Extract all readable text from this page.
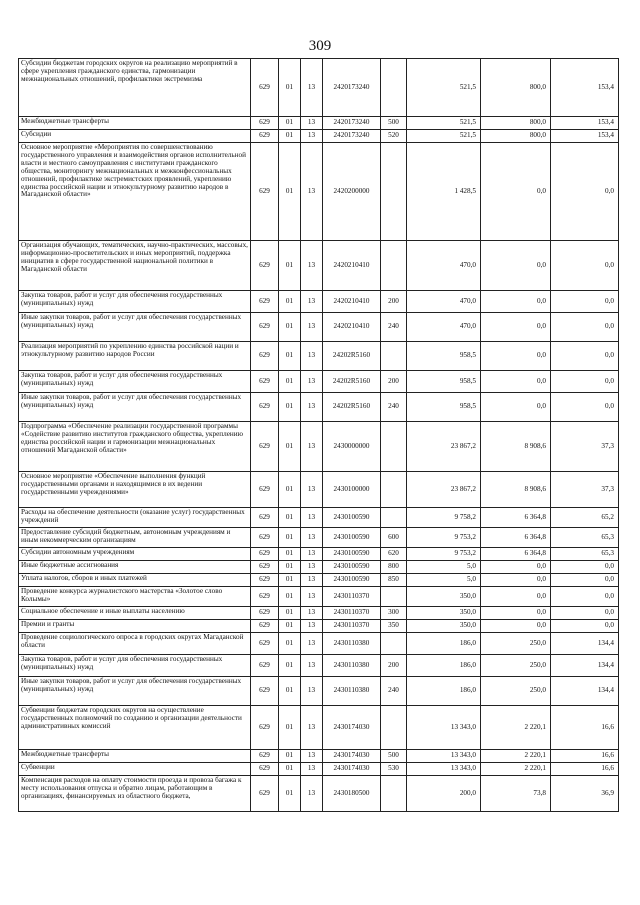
309
Субсидии бюджетам городских округов на реализацию мероприятий в сфере укрепления гражданского единства, гармонизации межнациональных отношений, профилактики экстремизма	629	01	13	2420173240		521,5	800,0	153,4
Межбюджетные трансферты	629	01	13	2420173240	500	521,5	800,0	153,4
Субсидии	629	01	13	2420173240	520	521,5	800,0	153,4
Основное мероприятие «Мероприятия по совершенствованию государственного управления и взаимодействия органов исполнительной власти и местного самоуправления с институтами гражданского общества, мониторингу межнациональных и межконфессиональных отношений, профилактике экстремистских проявлений, укреплению единства российской нации и этнокультурному развитию народов в Магаданской области»	629	01	13	2420200000		1 428,5	0,0	0,0
Организация обучающих, тематических, научно-практических, массовых, информационно-просветительских и иных мероприятий, поддержка инициатив в сфере государственной национальной политики в Магаданской области	629	01	13	2420210410		470,0	0,0	0,0
Закупка товаров, работ и услуг для обеспечения государственных (муниципальных) нужд	629	01	13	2420210410	200	470,0	0,0	0,0
Иные закупки товаров, работ и услуг для обеспечения государственных (муниципальных) нужд	629	01	13	2420210410	240	470,0	0,0	0,0
Реализация мероприятий по укреплению единства российской нации и этнокультурному развитию народов России	629	01	13	24202R5160		958,5	0,0	0,0
Закупка товаров, работ и услуг для обеспечения государственных (муниципальных) нужд	629	01	13	24202R5160	200	958,5	0,0	0,0
Иные закупки товаров, работ и услуг для обеспечения государственных (муниципальных) нужд	629	01	13	24202R5160	240	958,5	0,0	0,0
Подпрограмма «Обеспечение реализации государственной программы «Содействие развитию институтов гражданского общества, укреплению единства российской нации и гармонизации межнациональных отношений Магаданской области»	629	01	13	2430000000		23 867,2	8 908,6	37,3
Основное мероприятие «Обеспечение выполнения функций государственными органами и находящимися в их ведении государственными учреждениями»	629	01	13	2430100000		23 867,2	8 908,6	37,3
Расходы на обеспечение деятельности (оказание услуг) государственных учреждений	629	01	13	2430100590		9 758,2	6 364,8	65,2
Предоставление субсидий бюджетным, автономным учреждениям и иным некоммерческим организациям	629	01	13	2430100590	600	9 753,2	6 364,8	65,3
Субсидии автономным учреждениям	629	01	13	2430100590	620	9 753,2	6 364,8	65,3
Иные бюджетные ассигнования	629	01	13	2430100590	800	5,0	0,0	0,0
Уплата налогов, сборов и иных платежей	629	01	13	2430100590	850	5,0	0,0	0,0
Проведение конкурса журналистского мастерства «Золотое слово Колымы»	629	01	13	2430110370		350,0	0,0	0,0
Социальное обеспечение и иные выплаты населению	629	01	13	2430110370	300	350,0	0,0	0,0
Премии и гранты	629	01	13	2430110370	350	350,0	0,0	0,0
Проведение социологического опроса в городских округах Магаданской области	629	01	13	2430110380		186,0	250,0	134,4
Закупка товаров, работ и услуг для обеспечения государственных (муниципальных) нужд	629	01	13	2430110380	200	186,0	250,0	134,4
Иные закупки товаров, работ и услуг для обеспечения государственных (муниципальных) нужд	629	01	13	2430110380	240	186,0	250,0	134,4
Субвенции бюджетам городских округов на осуществление государственных полномочий по созданию и организации деятельности административных комиссий	629	01	13	2430174030		13 343,0	2 220,1	16,6
Межбюджетные трансферты	629	01	13	2430174030	500	13 343,0	2 220,1	16,6
Субвенции	629	01	13	2430174030	530	13 343,0	2 220,1	16,6
Компенсация расходов на оплату стоимости проезда и провоза багажа к месту использования отпуска и обратно лицам, работающим в организациях, финансируемых из областного бюджета,	629	01	13	2430180500		200,0	73,8	36,9
